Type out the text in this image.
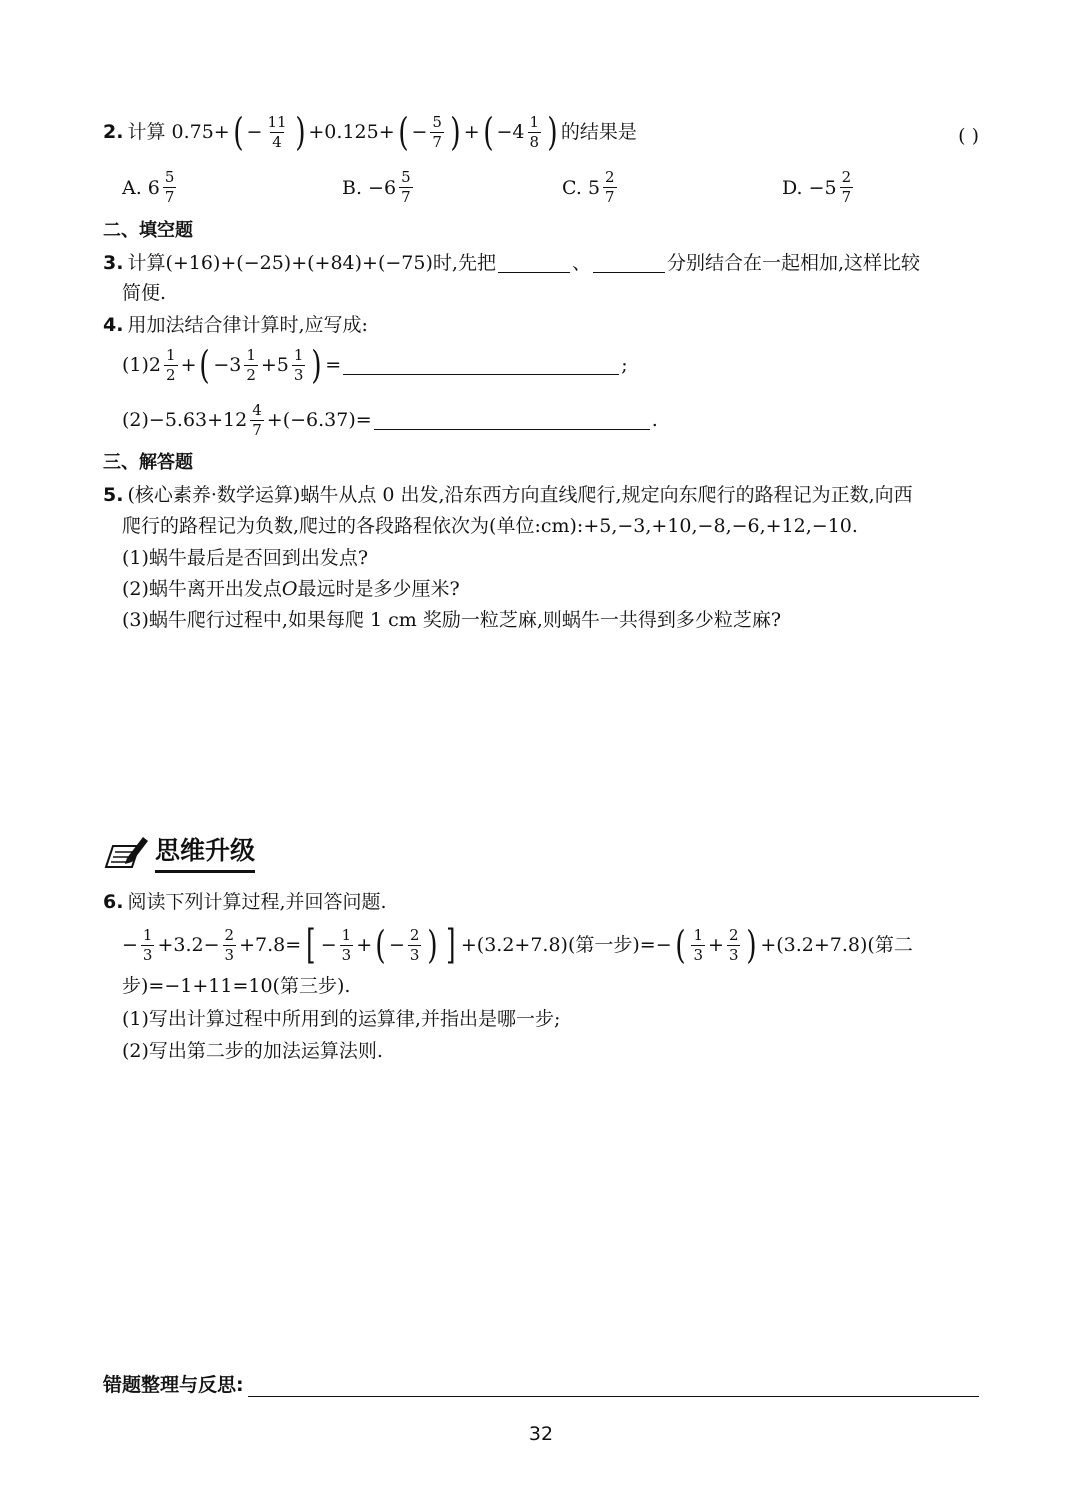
2. 计算 0.75+ ( − $\frac{11}{4}$ ) +0.125+ ( − $\frac{5}{7}$ ) + ( $-4 \frac{1}{8}$ ) 的结果是	( )
A. $6 \frac{5}{7}$	B. $-6 \frac{5}{7}$	C. $5 \frac{2}{7}$	D. $-5 \frac{2}{7}$
二、填空题
3. 计算(+16)+(−25)+(+84)+(−75)时,先把	、	分别结合在一起相加,这样比较
简便.
4. 用加法结合律计算时,应写成:
$(1)2 \frac{1}{2}$ + ( $-3 \frac{1}{2} +5 \frac{1}{3}$ ) =	;
$(2)-5.63+12 \frac{4}{7} +(-6.37)=$	.
三、解答题
5. (核心素养·数学运算)蜗牛从点 0 出发,沿东西方向直线爬行,规定向东爬行的路程记为正数,向西
爬行的路程记为负数,爬过的各段路程依次为(单位:cm):+5,−3,+10,−8,−6,+12,−10.
(1)蜗牛最后是否回到出发点?
(2)蜗牛离开出发点 O 最远时是多少厘米?
(3)蜗牛爬行过程中,如果每爬 1 cm 奖励一粒芝麻,则蜗牛一共得到多少粒芝麻?
思维升级
6. 阅读下列计算过程,并回答问题.
− $\frac{1}{3} +3.2- \frac{2}{3} +7.8=$ [ − $\frac{1}{3}$ + ( − $\frac{2}{3}$ ) ] +(3.2+7.8)(第一步)=− ( $\frac{1}{3} + \frac{2}{3}$ ) +(3.2+7.8)(第二
步)=−1+11=10(第三步).
(1)写出计算过程中所用到的运算律,并指出是哪一步;
(2)写出第二步的加法运算法则.
错题整理与反思:
32
